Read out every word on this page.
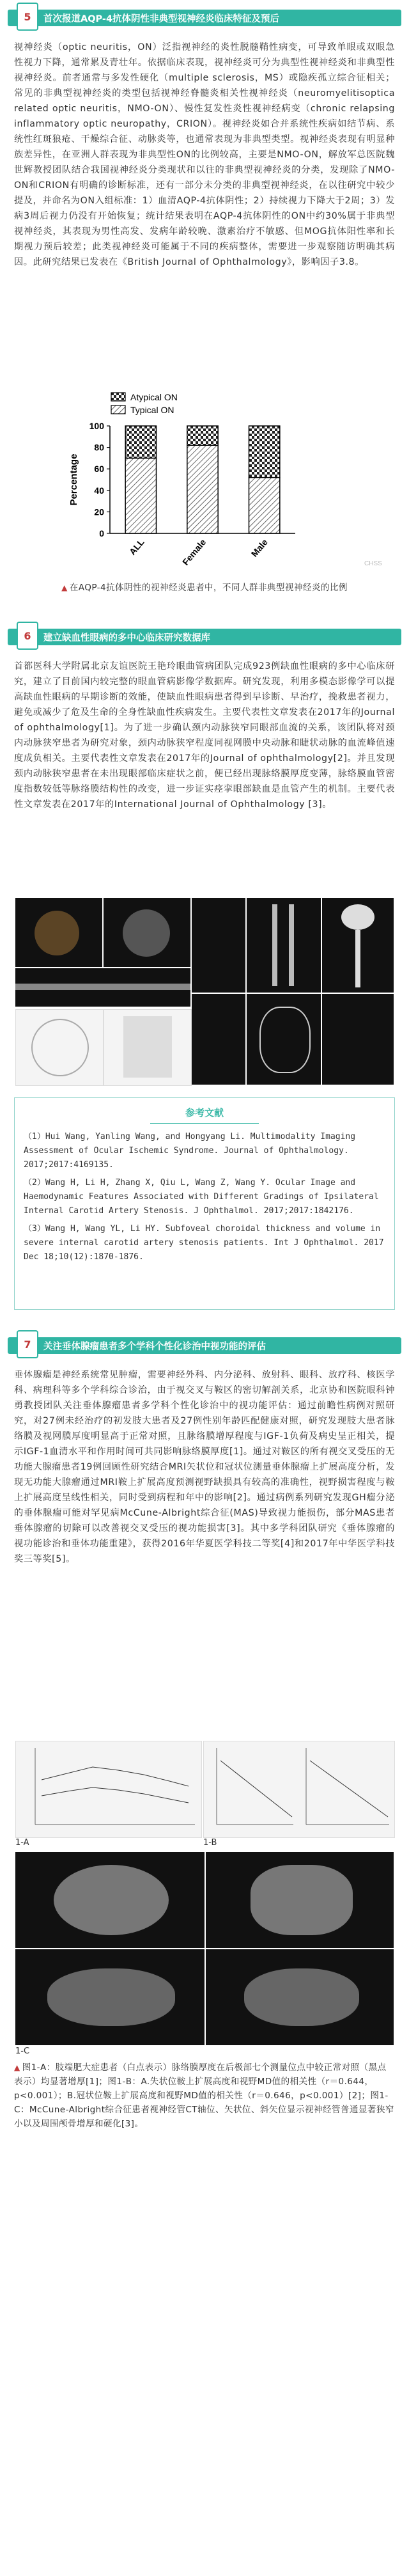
5	首次报道AQP-4抗体阴性非典型视神经炎临床特征及预后
视神经炎（optic neuritis，ON）泛指视神经的炎性脱髓鞘性病变，可导致单眼或双眼急性视力下降，通常累及青壮年。依据临床表现，视神经炎可分为典型性视神经炎和非典型性视神经炎。前者通常与多发性硬化（multiple sclerosis，MS）或隐疾孤立综合征相关；常见的非典型视神经炎的类型包括视神经脊髓炎相关性视神经炎（neuromyelitisoptica related optic neuritis，NMO-ON）、慢性复发性炎性视神经病变（chronic relapsing inflammatory optic neuropathy，CRION）。视神经炎如合并系统性疾病如结节病、系统性红斑狼疮、干燥综合征、动脉炎等，也通常表现为非典型类型。视神经炎表现有明显种族差异性，在亚洲人群表现为非典型性ON的比例较高，主要是NMO-ON，解放军总医院魏世辉教授团队结合我国视神经炎分类现状和以往的非典型视神经炎的分类，发现除了NMO-ON和CRION有明确的诊断标准，还有一部分未分类的非典型视神经炎，在以往研究中较少提及，并命名为ON入组标准：1）血清AQP-4抗体阴性；2）持续视力下降大于2周；3）发病3周后视力仍没有开始恢复；统计结果表明在AQP-4抗体阴性的ON中约30%属于非典型视神经炎，其表现为男性高发、发病年龄较晚、激素治疗不敏感、但MOG抗体阳性率和长期视力预后较差；此类视神经炎可能属于不同的疾病整体，需要进一步观察随访明确其病因。此研究结果已发表在《British Journal of Ophthalmology》，影响因子3.8。
0
20
40
60
80
100
Percentage
ALL	Female	Male
Atypical ON
Typical ON
CHSS
▲ 在AQP-4抗体阴性的视神经炎患者中，不同人群非典型视神经炎的比例
6	建立缺血性眼病的多中心临床研究数据库
首都医科大学附属北京友谊医院王艳玲眼曲管病团队完成923例缺血性眼病的多中心临床研究，建立了目前国内较完整的眼血管病影像学数据库。研究发现，利用多模态影像学可以提高缺血性眼病的早期诊断的效能，使缺血性眼病患者得到早诊断、早治疗，挽救患者视力，避免或减少了危及生命的全身性缺血性疾病发生。主要代表性文章发表在2017年的Journal of ophthalmology[1]。为了进一步确认颈内动脉狭窄同眼部血流的关系，该团队将对颈内动脉狭窄患者为研究对象，颈内动脉狭窄程度同视网膜中央动脉和睫状动脉的血流峰值速度成负相关。主要代表性文章发表在2017年的Journal of ophthalmology[2]。并且发现颈内动脉狭窄患者在未出现眼部临床症状之前，便已经出现脉络膜厚度变薄，脉络膜血管密度指数较低等脉络膜结构性的改变，进一步证实痉挛眼部缺血是血管产生的机制。主要代表性文章发表在2017年的International Journal of Ophthalmology [3]。
参考文献
（1）Hui Wang, Yanling Wang, and Hongyang Li. Multimodality Imaging Assessment of Ocular Ischemic Syndrome. Journal of Ophthalmology. 2017;2017:4169135.
（2）Wang H, Li H, Zhang X, Qiu L, Wang Z, Wang Y. Ocular Image and Haemodynamic Features Associated with Different Gradings of Ipsilateral Internal Carotid Artery Stenosis. J Ophthalmol. 2017;2017:1842176.
（3）Wang H, Wang YL, Li HY. Subfoveal choroidal thickness and volume in severe internal carotid artery stenosis patients. Int J Ophthalmol. 2017 Dec 18;10(12):1870-1876.
7	关注垂体腺瘤患者多个学科个性化诊治中视功能的评估
垂体腺瘤是神经系统常见肿瘤，需要神经外科、内分泌科、放射科、眼科、放疗科、核医学科、病理科等多个学科综合诊治，由于视交叉与鞍区的密切解剖关系，北京协和医院眼科钟勇教授团队关注垂体腺瘤患者多学科个性化诊治中的视功能评估：通过前瞻性病例对照研究，对27例未经治疗的初发肢大患者及27例性别年龄匹配健康对照，研究发现肢大患者脉络膜及视网膜厚度明显高于正常对照，且脉络膜增厚程度与IGF-1负荷及病史呈正相关，提示IGF-1血清水平和作用时间可共同影响脉络膜厚度[1]。通过对鞍区的所有视交叉受压的无功能大腺瘤患者19例回顾性研究结合MRI矢状位和冠状位测量垂体腺瘤上扩展高度分析，发现无功能大腺瘤通过MRI鞍上扩展高度预测视野缺损具有较高的准确性，视野损害程度与鞍上扩展高度呈线性相关，同时受到病程和年中的影响[2]。通过病例系列研究发现GH瘤分泌的垂体腺瘤可能对罕见病McCune-Albright综合征(MAS)导致视力能损伤，部分MAS患者垂体腺瘤的切除可以改善视交叉受压的视功能损害[3]。其中多学科团队研究《垂体腺瘤的视功能诊治和垂体功能重建》，获得2016年华夏医学科技二等奖[4]和2017年中华医学科技奖三等奖[5]。
1-A	1-B
1-C
▲ 图1-A：肢端肥大症患者（白点表示）脉络膜厚度在后极部七个测量位点中较正常对照（黑点表示）均显著增厚[1]；图1-B：A.失状位鞍上扩展高度和视野MD值的相关性（r＝0.644，p<0.001）；B.冠状位鞍上扩展高度和视野MD值的相关性（r＝0.646，p<0.001）[2]；图1-C：McCune-Albright综合征患者视神经管CT轴位、矢状位、斜矢位显示视神经管普通显著狭窄小以及周围颅骨增厚和硬化[3]。
